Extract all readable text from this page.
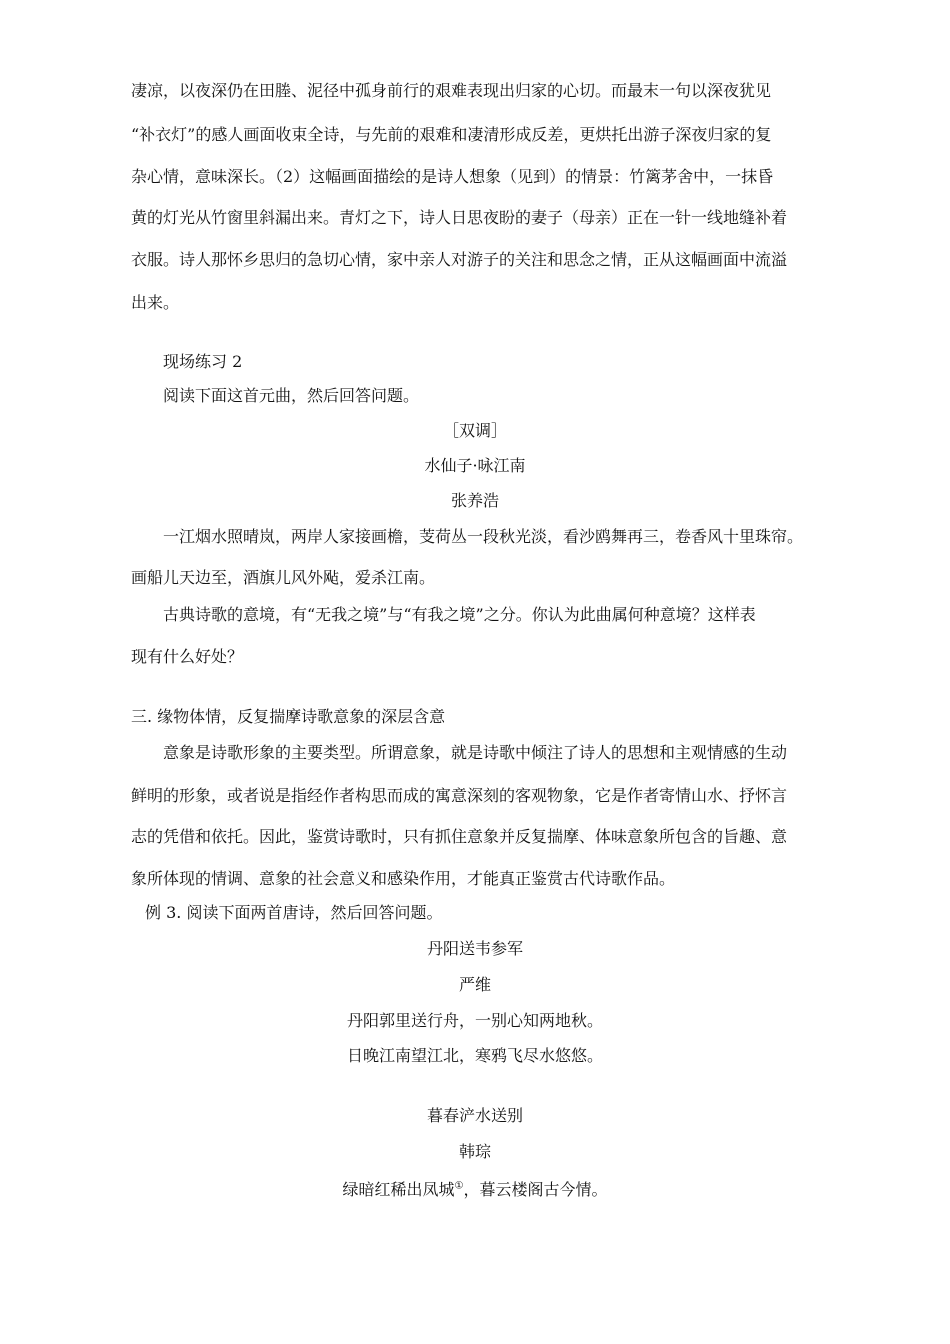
凄凉，以夜深仍在田塍、泥径中孤身前行的艰难表现出归家的心切。而最末一句以深夜犹见
“补衣灯”的感人画面收束全诗，与先前的艰难和凄清形成反差，更烘托出游子深夜归家的复
杂心情，意味深长。（2）这幅画面描绘的是诗人想象（见到）的情景：竹篱茅舍中，一抹昏
黄的灯光从竹窗里斜漏出来。青灯之下，诗人日思夜盼的妻子（母亲）正在一针一线地缝补着
衣服。诗人那怀乡思归的急切心情，家中亲人对游子的关注和思念之情，正从这幅画面中流溢
出来。
现场练习 2
阅读下面这首元曲，然后回答问题。
［双调］
水仙子·咏江南
张养浩
一江烟水照晴岚，两岸人家接画檐，芰荷丛一段秋光淡，看沙鸥舞再三，卷香风十里珠帘。
画船儿天边至，酒旗儿风外飐，爱杀江南。
古典诗歌的意境，有“无我之境”与“有我之境”之分。你认为此曲属何种意境？这样表
现有什么好处？
三. 缘物体情，反复揣摩诗歌意象的深层含意
意象是诗歌形象的主要类型。所谓意象，就是诗歌中倾注了诗人的思想和主观情感的生动
鲜明的形象，或者说是指经作者构思而成的寓意深刻的客观物象，它是作者寄情山水、抒怀言
志的凭借和依托。因此，鉴赏诗歌时，只有抓住意象并反复揣摩、体味意象所包含的旨趣、意
象所体现的情调、意象的社会意义和感染作用，才能真正鉴赏古代诗歌作品。
例 3. 阅读下面两首唐诗，然后回答问题。
丹阳送韦参军
严维
丹阳郭里送行舟，一别心知两地秋。
日晚江南望江北，寒鸦飞尽水悠悠。
暮春浐水送别
韩琮
绿暗红稀出凤城①，暮云楼阁古今情。
